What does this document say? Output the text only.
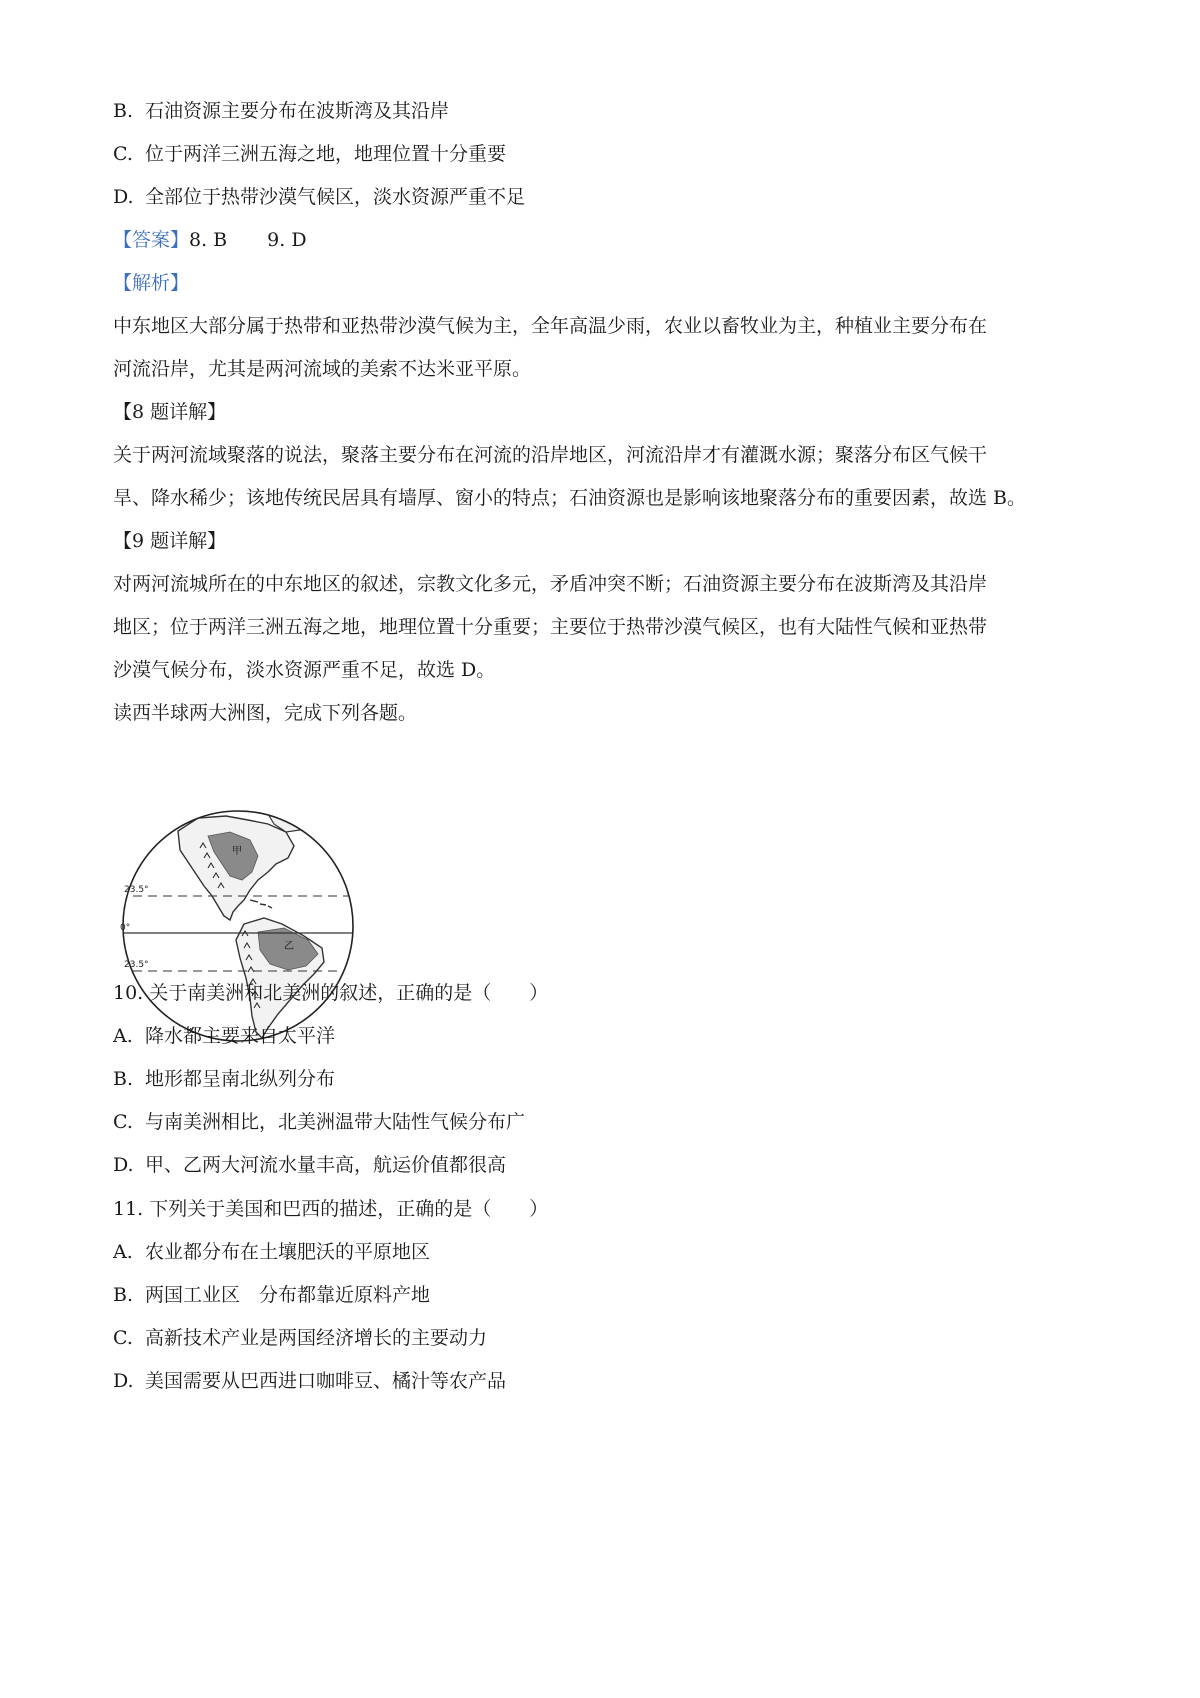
B. 石油资源主要分布在波斯湾及其沿岸
C. 位于两洋三洲五海之地，地理位置十分重要
D. 全部位于热带沙漠气候区，淡水资源严重不足
【答案】8. B 9. D
【解析】
中东地区大部分属于热带和亚热带沙漠气候为主，全年高温少雨，农业以畜牧业为主，种植业主要分布在
河流沿岸，尤其是两河流域的美索不达米亚平原。
【8 题详解】
关于两河流域聚落的说法，聚落主要分布在河流的沿岸地区，河流沿岸才有灌溉水源；聚落分布区气候干
旱、降水稀少；该地传统民居具有墙厚、窗小的特点；石油资源也是影响该地聚落分布的重要因素，故选 B。
【9 题详解】
对两河流城所在的中东地区的叙述，宗教文化多元，矛盾冲突不断；石油资源主要分布在波斯湾及其沿岸
地区；位于两洋三洲五海之地，地理位置十分重要；主要位于热带沙漠气候区，也有大陆性气候和亚热带
沙漠气候分布，淡水资源严重不足，故选 D。
读西半球两大洲图，完成下列各题。
23.5°
0°
23.5°
甲
乙
10. 关于南美洲和北美洲的叙述，正确的是（　　）
A. 降水都主要来自太平洋
B. 地形都呈南北纵列分布
C. 与南美洲相比，北美洲温带大陆性气候分布广
D. 甲、乙两大河流水量丰高，航运价值都很高
11. 下列关于美国和巴西的描述，正确的是（　　）
A. 农业都分布在土壤肥沃的平原地区
B. 两国工业区　分布都靠近原料产地
C. 高新技术产业是两国经济增长的主要动力
D. 美国需要从巴西进口咖啡豆、橘汁等农产品
